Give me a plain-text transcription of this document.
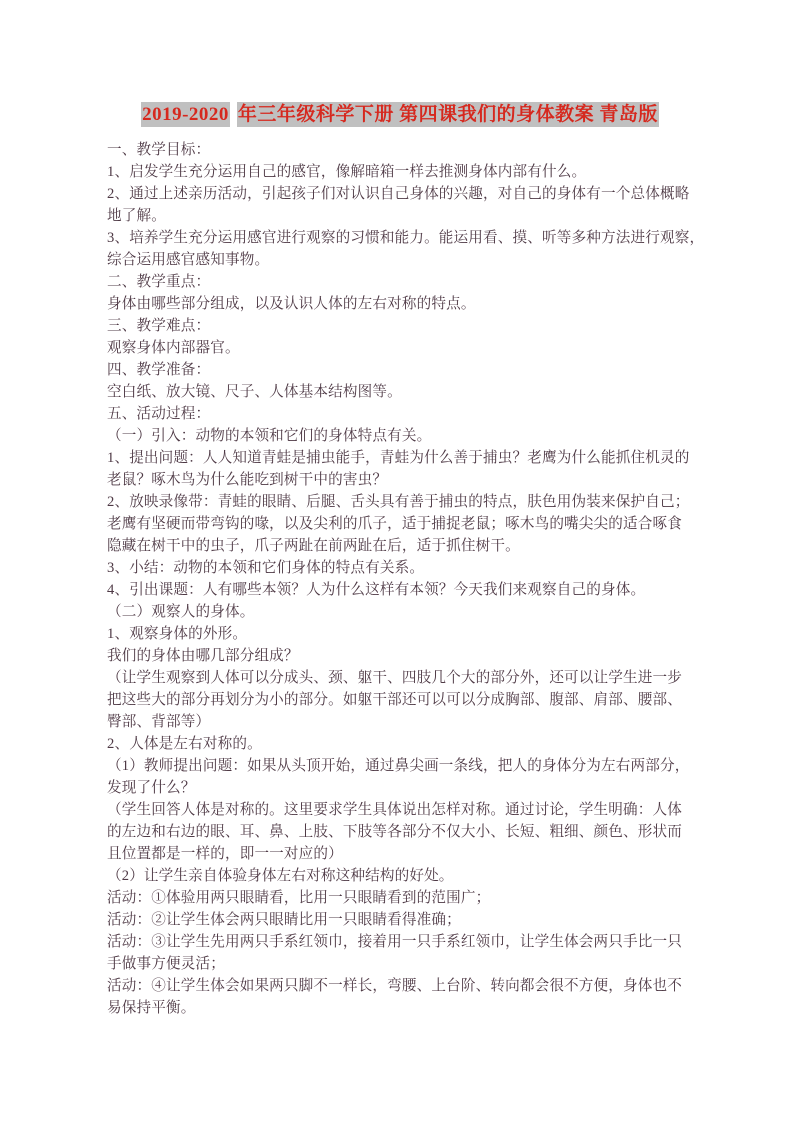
2019-2020 年三年级科学下册 第四课我们的身体教案 青岛版
一、教学目标：
1、启发学生充分运用自己的感官，像解暗箱一样去推测身体内部有什么。
2、通过上述亲历活动，引起孩子们对认识自己身体的兴趣，对自己的身体有一个总体概略
地了解。
3、培养学生充分运用感官进行观察的习惯和能力。能运用看、摸、听等多种方法进行观察，
综合运用感官感知事物。
二、教学重点：
身体由哪些部分组成，以及认识人体的左右对称的特点。
三、教学难点：
观察身体内部器官。
四、教学准备：
空白纸、放大镜、尺子、人体基本结构图等。
五、活动过程：
（一）引入：动物的本领和它们的身体特点有关。
1、提出问题：人人知道青蛙是捕虫能手，青蛙为什么善于捕虫？老鹰为什么能抓住机灵的
老鼠？啄木鸟为什么能吃到树干中的害虫？
2、放映录像带：青蛙的眼睛、后腿、舌头具有善于捕虫的特点，肤色用伪装来保护自己；
老鹰有坚硬而带弯钩的喙，以及尖利的爪子，适于捕捉老鼠；啄木鸟的嘴尖尖的适合啄食
隐藏在树干中的虫子，爪子两趾在前两趾在后，适于抓住树干。
3、小结：动物的本领和它们身体的特点有关系。
4、引出课题：人有哪些本领？人为什么这样有本领？今天我们来观察自己的身体。
（二）观察人的身体。
1、观察身体的外形。
我们的身体由哪几部分组成？
（让学生观察到人体可以分成头、颈、躯干、四肢几个大的部分外，还可以让学生进一步
把这些大的部分再划分为小的部分。如躯干部还可以可以分成胸部、腹部、肩部、腰部、
臀部、背部等）
2、人体是左右对称的。
（1）教师提出问题：如果从头顶开始，通过鼻尖画一条线，把人的身体分为左右两部分，
发现了什么？
（学生回答人体是对称的。这里要求学生具体说出怎样对称。通过讨论，学生明确：人体
的左边和右边的眼、耳、鼻、上肢、下肢等各部分不仅大小、长短、粗细、颜色、形状而
且位置都是一样的，即一一对应的）
（2）让学生亲自体验身体左右对称这种结构的好处。
活动：①体验用两只眼睛看，比用一只眼睛看到的范围广；
活动：②让学生体会两只眼睛比用一只眼睛看得准确；
活动：③让学生先用两只手系红领巾，接着用一只手系红领巾，让学生体会两只手比一只
手做事方便灵活；
活动：④让学生体会如果两只脚不一样长，弯腰、上台阶、转向都会很不方便，身体也不
易保持平衡。
